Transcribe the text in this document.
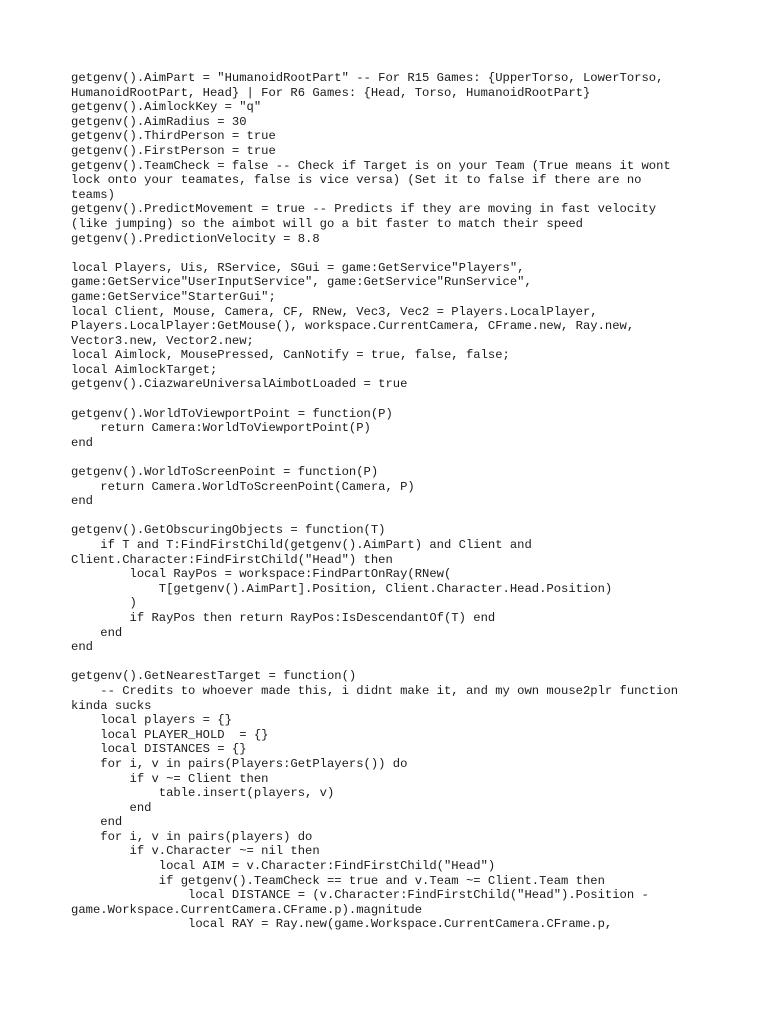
getgenv().AimPart = "HumanoidRootPart" -- For R15 Games: {UpperTorso, LowerTorso,
HumanoidRootPart, Head} | For R6 Games: {Head, Torso, HumanoidRootPart}
getgenv().AimlockKey = "q"
getgenv().AimRadius = 30
getgenv().ThirdPerson = true
getgenv().FirstPerson = true
getgenv().TeamCheck = false -- Check if Target is on your Team (True means it wont
lock onto your teamates, false is vice versa) (Set it to false if there are no
teams)
getgenv().PredictMovement = true -- Predicts if they are moving in fast velocity
(like jumping) so the aimbot will go a bit faster to match their speed
getgenv().PredictionVelocity = 8.8
local Players, Uis, RService, SGui = game:GetService"Players",
game:GetService"UserInputService", game:GetService"RunService",
game:GetService"StarterGui";
local Client, Mouse, Camera, CF, RNew, Vec3, Vec2 = Players.LocalPlayer,
Players.LocalPlayer:GetMouse(), workspace.CurrentCamera, CFrame.new, Ray.new,
Vector3.new, Vector2.new;
local Aimlock, MousePressed, CanNotify = true, false, false;
local AimlockTarget;
getgenv().CiazwareUniversalAimbotLoaded = true
getgenv().WorldToViewportPoint = function(P)
return Camera:WorldToViewportPoint(P)
end
getgenv().WorldToScreenPoint = function(P)
return Camera.WorldToScreenPoint(Camera, P)
end
getgenv().GetObscuringObjects = function(T)
if T and T:FindFirstChild(getgenv().AimPart) and Client and
Client.Character:FindFirstChild("Head") then
local RayPos = workspace:FindPartOnRay(RNew(
T[getgenv().AimPart].Position, Client.Character.Head.Position)
)
if RayPos then return RayPos:IsDescendantOf(T) end
end
end
getgenv().GetNearestTarget = function()
-- Credits to whoever made this, i didnt make it, and my own mouse2plr function
kinda sucks
local players = {}
local PLAYER_HOLD  = {}
local DISTANCES = {}
for i, v in pairs(Players:GetPlayers()) do
if v ~= Client then
table.insert(players, v)
end
end
for i, v in pairs(players) do
if v.Character ~= nil then
local AIM = v.Character:FindFirstChild("Head")
if getgenv().TeamCheck == true and v.Team ~= Client.Team then
local DISTANCE = (v.Character:FindFirstChild("Head").Position -
game.Workspace.CurrentCamera.CFrame.p).magnitude
local RAY = Ray.new(game.Workspace.CurrentCamera.CFrame.p,
